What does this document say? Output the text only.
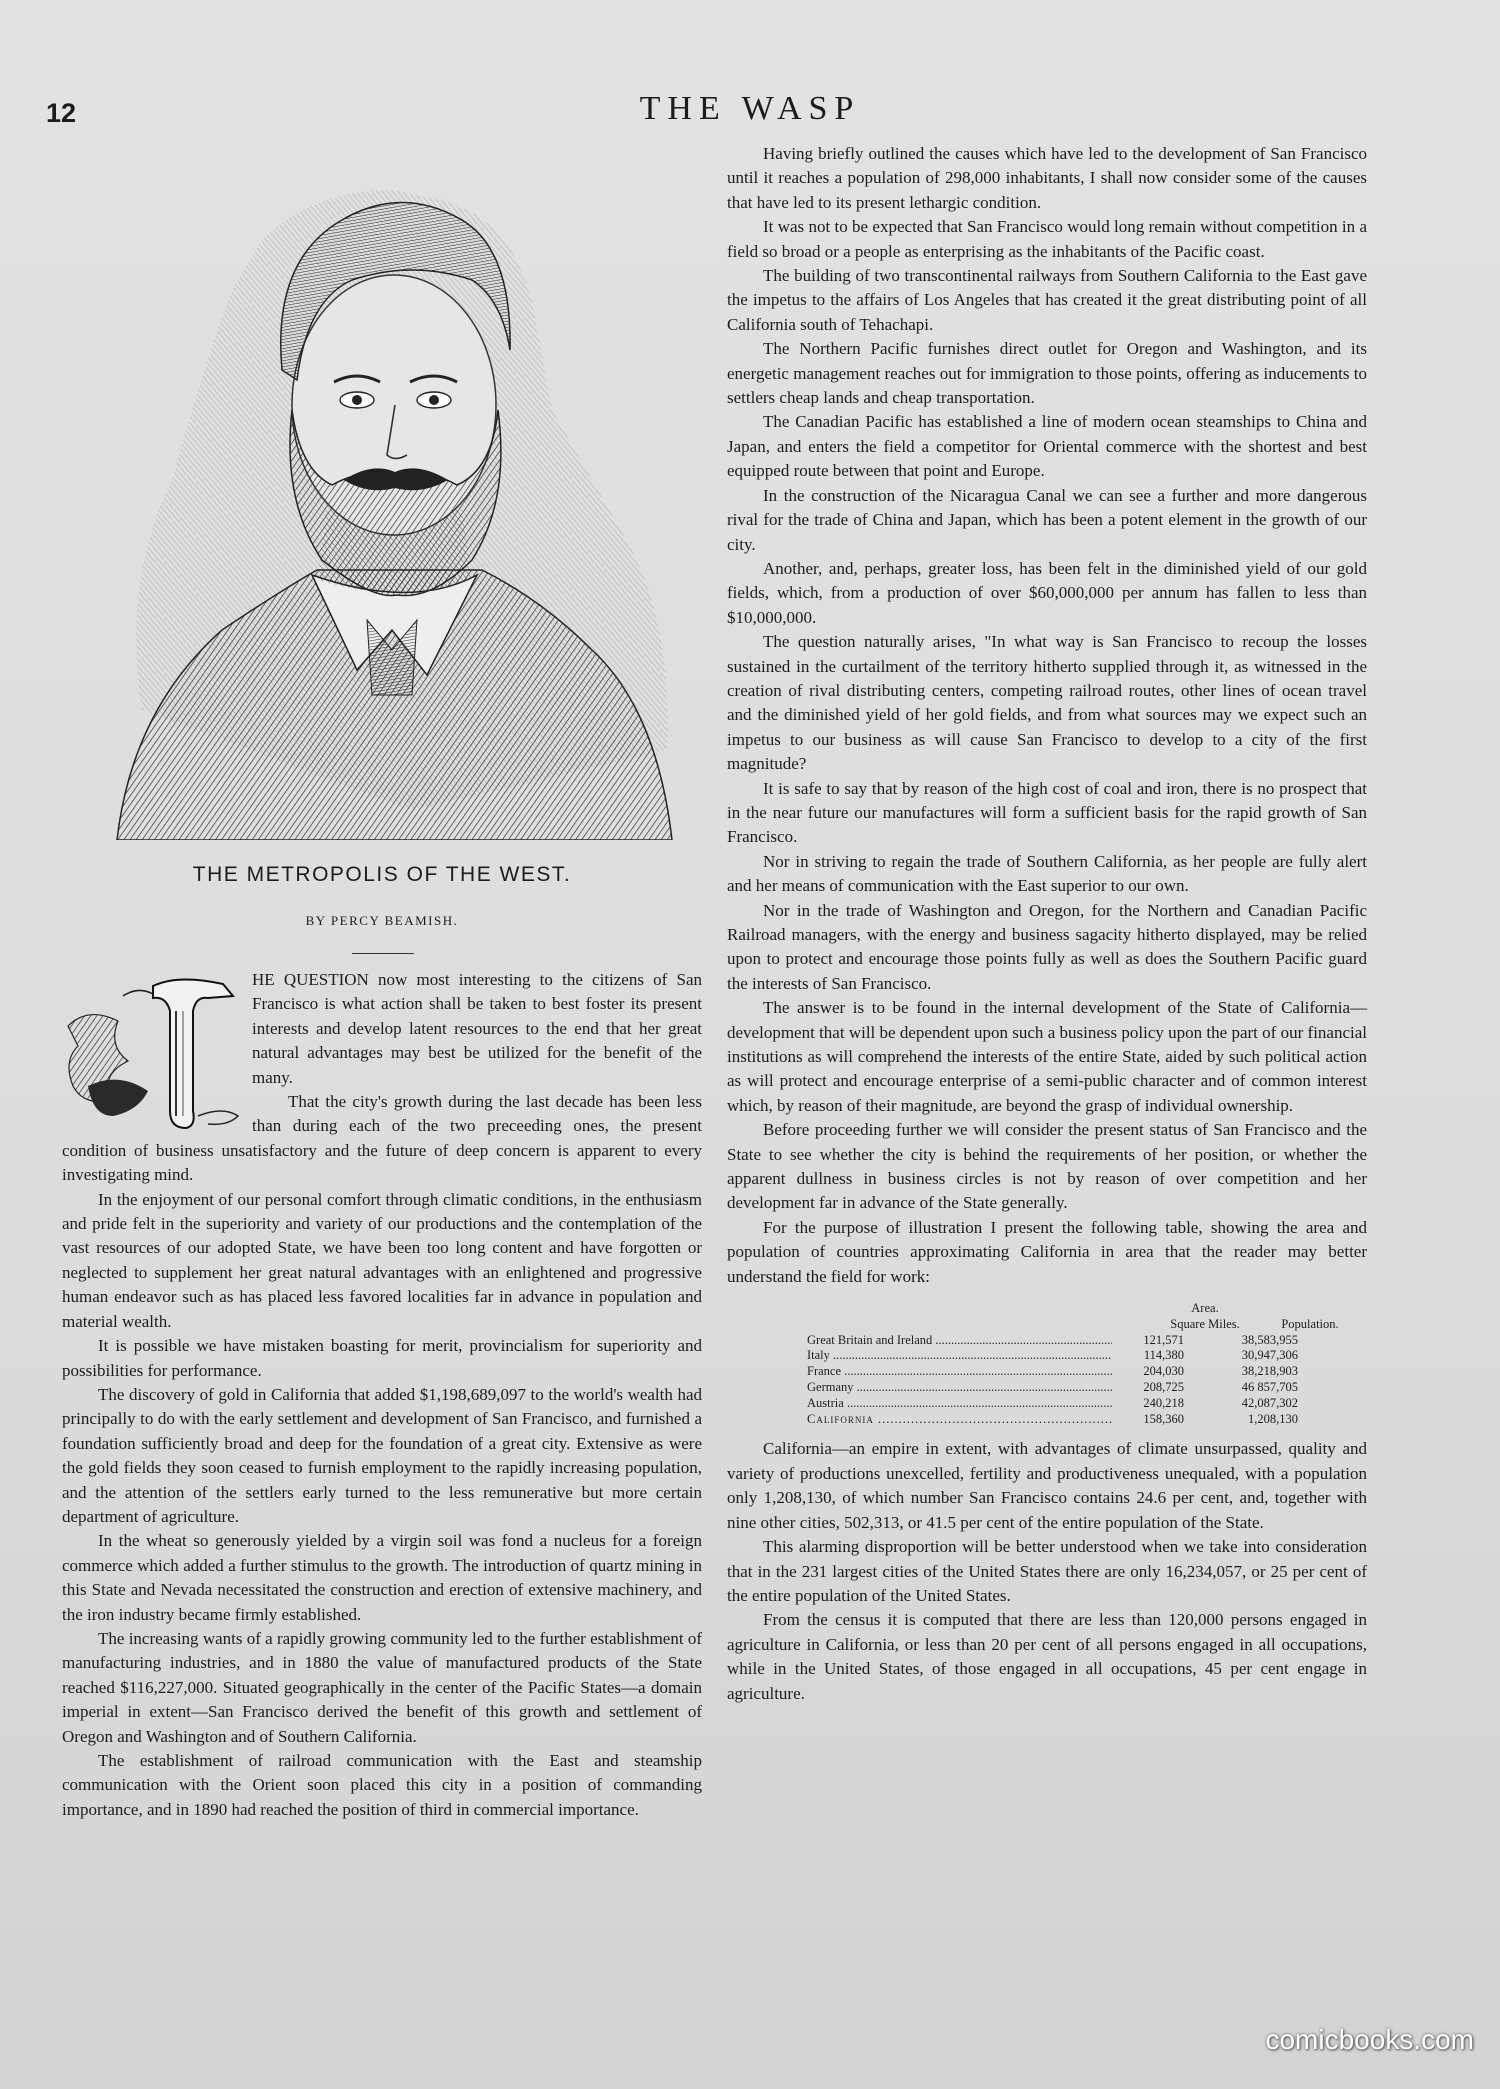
12	THE WASP
THE METROPOLIS OF THE WEST.
BY PERCY BEAMISH.

HE QUESTION now most interesting to the citizens of San Francisco is what action shall be taken to best foster its present interests and develop latent resources to the end that her great natural advantages may best be utilized for the benefit of the many.

That the city's growth during the last decade has been less than during each of the two preceeding ones, the present condition of business unsatisfactory and the future of deep concern is apparent to every investigating mind.

In the enjoyment of our personal comfort through climatic conditions, in the enthusiasm and pride felt in the superiority and variety of our productions and the contemplation of the vast resources of our adopted State, we have been too long content and have forgotten or neglected to supplement her great natural advantages with an enlightened and progressive human endeavor such as has placed less favored localities far in advance in population and material wealth.

It is possible we have mistaken boasting for merit, provincialism for superiority and possibilities for performance.

The discovery of gold in California that added $1,198,689,097 to the world's wealth had principally to do with the early settlement and development of San Francisco, and furnished a foundation sufficiently broad and deep for the foundation of a great city. Extensive as were the gold fields they soon ceased to furnish employment to the rapidly increasing population, and the attention of the settlers early turned to the less remunerative but more certain department of agriculture.

In the wheat so generously yielded by a virgin soil was fond a nucleus for a foreign commerce which added a further stimulus to the growth. The introduction of quartz mining in this State and Nevada necessitated the construction and erection of extensive machinery, and the iron industry became firmly established.

The increasing wants of a rapidly growing community led to the further establishment of manufacturing industries, and in 1880 the value of manufactured products of the State reached $116,227,000. Situated geographically in the center of the Pacific States—a domain imperial in extent—San Francisco derived the benefit of this growth and settlement of Oregon and Washington and of Southern California.

The establishment of railroad communication with the East and steamship communication with the Orient soon placed this city in a position of commanding importance, and in 1890 had reached the position of third in commercial importance.

Having briefly outlined the causes which have led to the development of San Francisco until it reaches a population of 298,000 inhabitants, I shall now consider some of the causes that have led to its present lethargic condition.

It was not to be expected that San Francisco would long remain without competition in a field so broad or a people as enterprising as the inhabitants of the Pacific coast.

The building of two transcontinental railways from Southern California to the East gave the impetus to the affairs of Los Angeles that has created it the great distributing point of all California south of Tehachapi.

The Northern Pacific furnishes direct outlet for Oregon and Washington, and its energetic management reaches out for immigration to those points, offering as inducements to settlers cheap lands and cheap transportation.

The Canadian Pacific has established a line of modern ocean steamships to China and Japan, and enters the field a competitor for Oriental commerce with the shortest and best equipped route between that point and Europe.

In the construction of the Nicaragua Canal we can see a further and more dangerous rival for the trade of China and Japan, which has been a potent element in the growth of our city.

Another, and, perhaps, greater loss, has been felt in the diminished yield of our gold fields, which, from a production of over $60,000,000 per annum has fallen to less than $10,000,000.

The question naturally arises, "In what way is San Francisco to recoup the losses sustained in the curtailment of the territory hitherto supplied through it, as witnessed in the creation of rival distributing centers, competing railroad routes, other lines of ocean travel and the diminished yield of her gold fields, and from what sources may we expect such an impetus to our business as will cause San Francisco to develop to a city of the first magnitude?

It is safe to say that by reason of the high cost of coal and iron, there is no prospect that in the near future our manufactures will form a sufficient basis for the rapid growth of San Francisco.

Nor in striving to regain the trade of Southern California, as her people are fully alert and her means of communication with the East superior to our own.

Nor in the trade of Washington and Oregon, for the Northern and Canadian Pacific Railroad managers, with the energy and business sagacity hitherto displayed, may be relied upon to protect and encourage those points fully as well as does the Southern Pacific guard the interests of San Francisco.

The answer is to be found in the internal development of the State of California—development that will be dependent upon such a business policy upon the part of our financial institutions as will comprehend the interests of the entire State, aided by such political action as will protect and encourage enterprise of a semi-public character and of common interest which, by reason of their magnitude, are beyond the grasp of individual ownership.

Before proceeding further we will consider the present status of San Francisco and the State to see whether the city is behind the requirements of her position, or whether the apparent dullness in business circles is not by reason of over competition and her development far in advance of the State generally.

For the purpose of illustration I present the following table, showing the area and population of countries approximating California in area that the reader may better understand the field for work:

Area.
Square Miles.	Population.
Great Britain and Ireland .....	121,571	38,583,955
Italy .....	114,380	30,947,306
France .....	204,030	38,218,903
Germany .....	208,725	46 857,705
Austria .....	240,218	42,087,302
California .....	158,360	1,208,130

California—an empire in extent, with advantages of climate unsurpassed, quality and variety of productions unexcelled, fertility and productiveness unequaled, with a population only 1,208,130, of which number San Francisco contains 24.6 per cent, and, together with nine other cities, 502,313, or 41.5 per cent of the entire population of the State.

This alarming disproportion will be better understood when we take into consideration that in the 231 largest cities of the United States there are only 16,234,057, or 25 per cent of the entire population of the United States.

From the census it is computed that there are less than 120,000 persons engaged in agriculture in California, or less than 20 per cent of all persons engaged in all occupations, while in the United States, of those engaged in all occupations, 45 per cent engage in agriculture.

comicbooks.com
